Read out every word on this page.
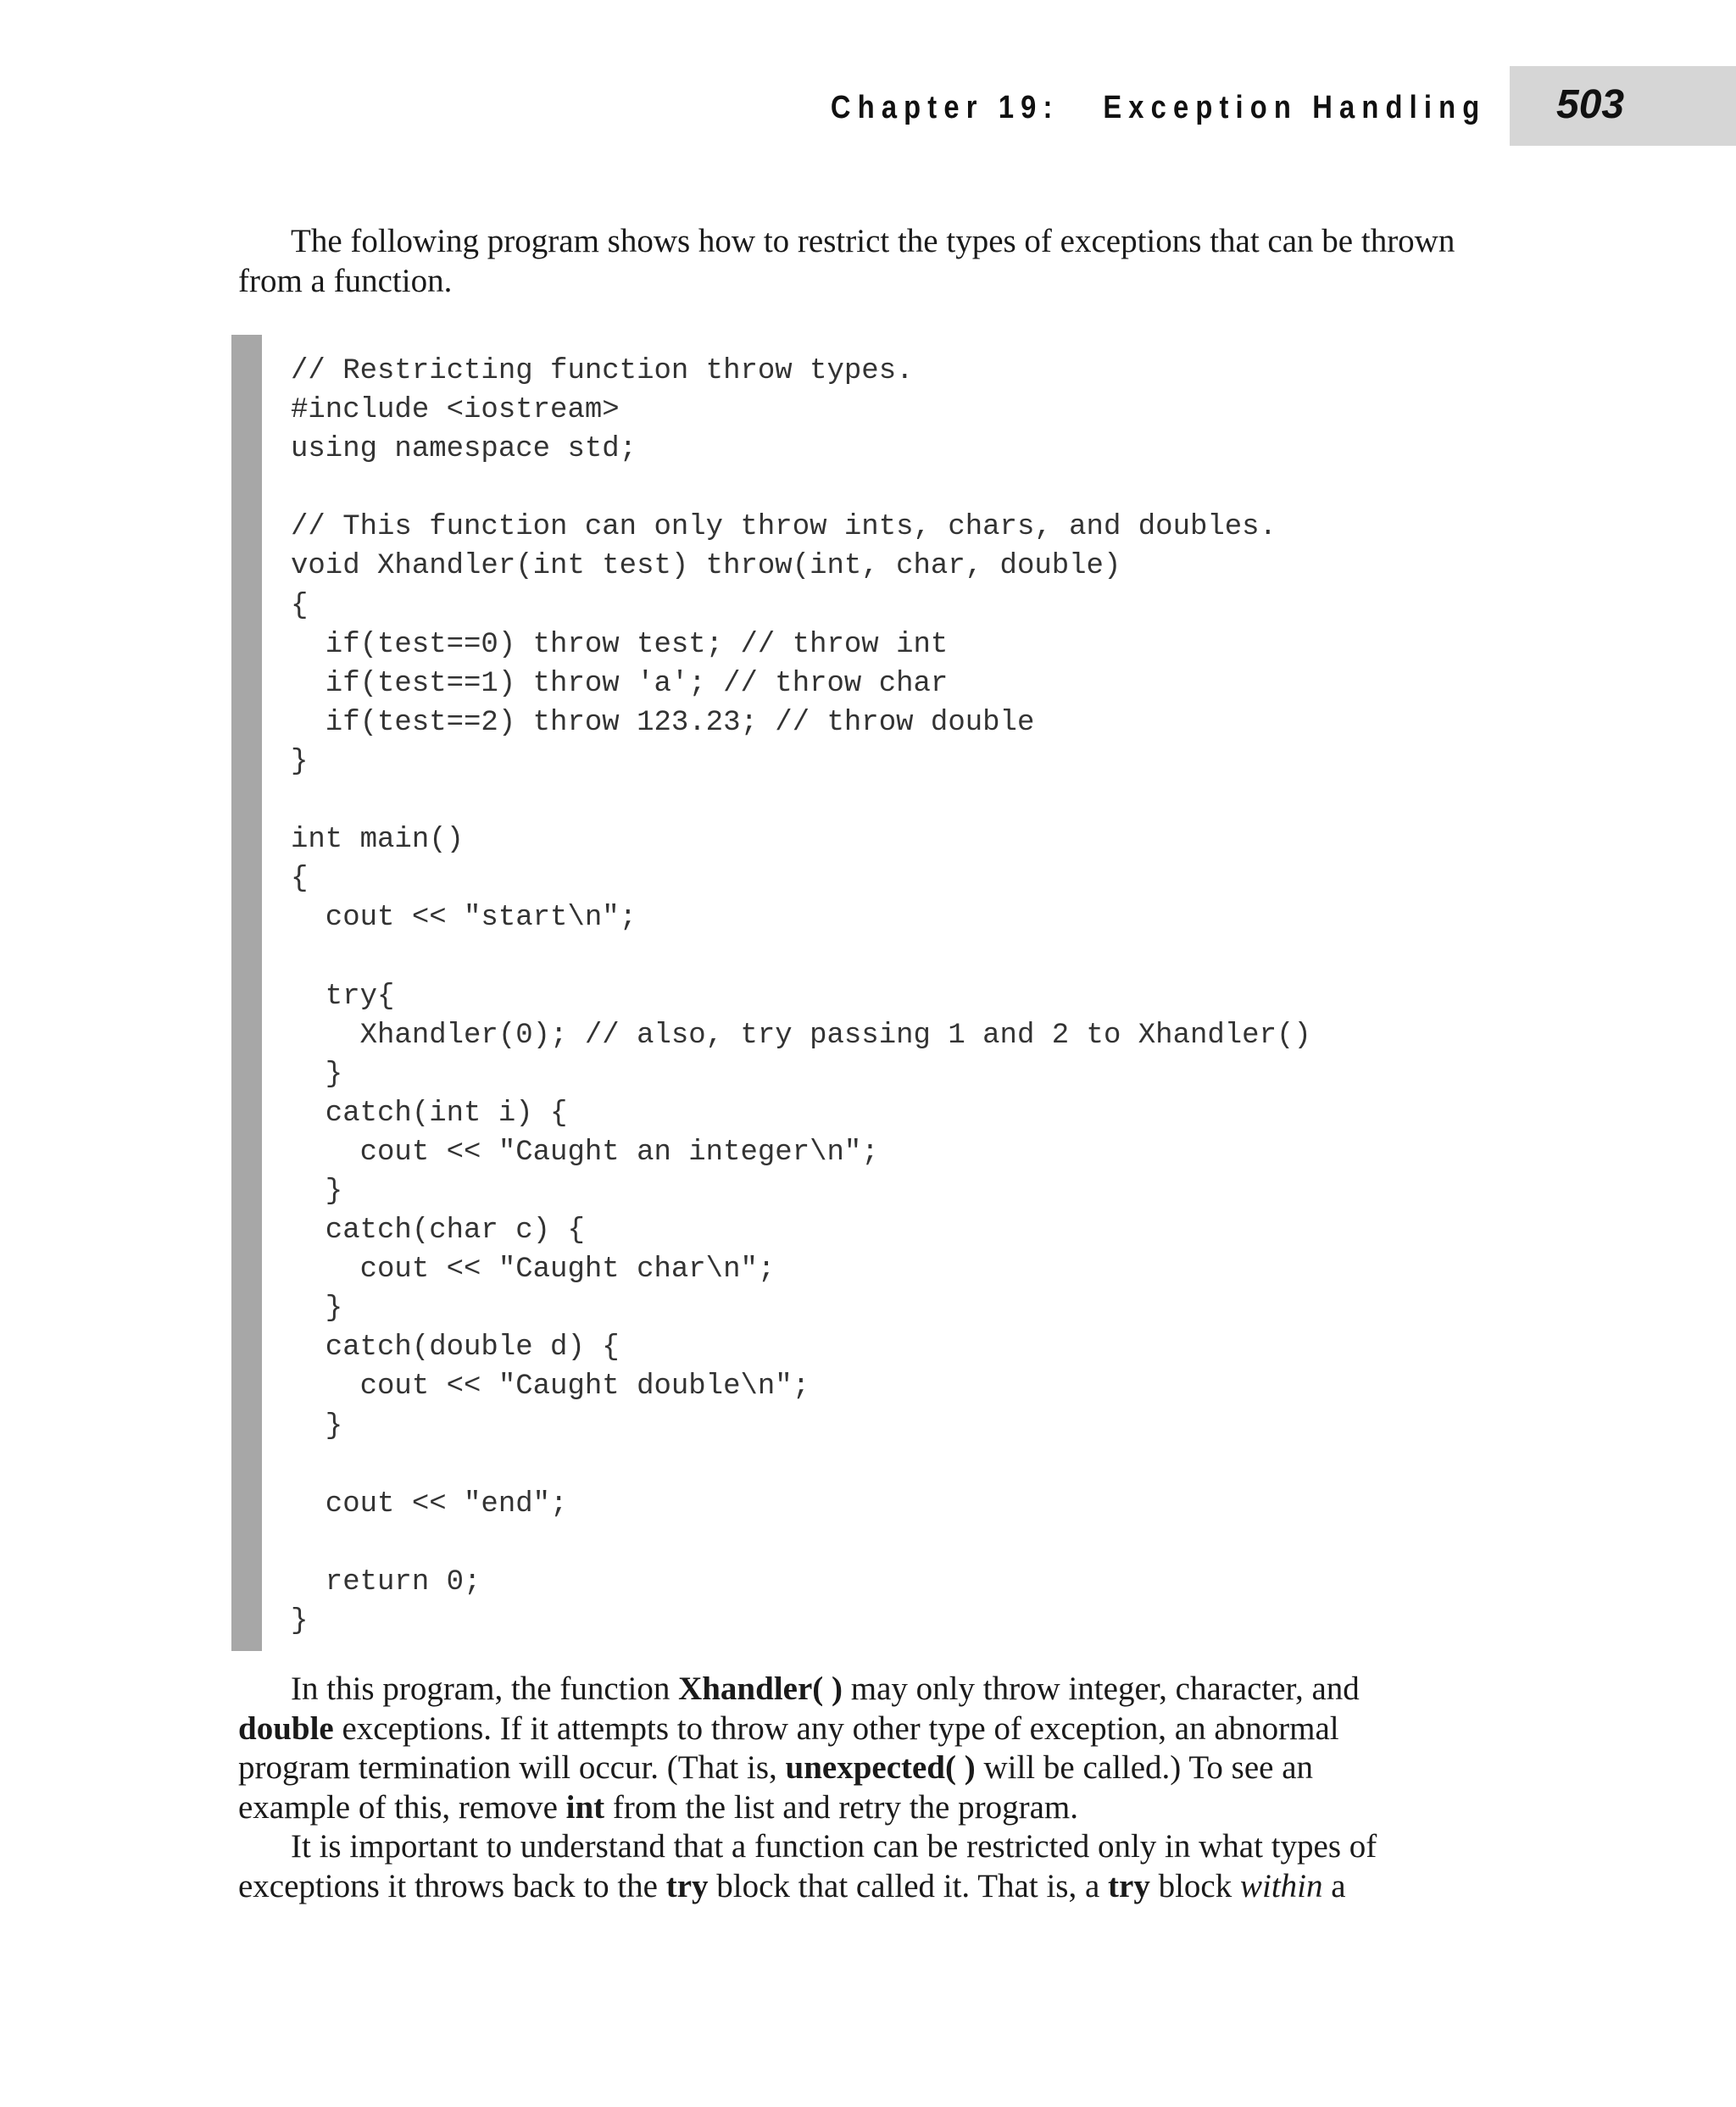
Chapter 19:   Exception Handling 503

The following program shows how to restrict the types of exceptions that can be thrown from a function.

// Restricting function throw types.
#include <iostream>
using namespace std;
// This function can only throw ints, chars, and doubles.
void Xhandler(int test) throw(int, char, double)
{
if(test==0) throw test; // throw int
if(test==1) throw 'a'; // throw char
if(test==2) throw 123.23; // throw double
}
int main()
{
cout << "start\n";
try{
Xhandler(0); // also, try passing 1 and 2 to Xhandler()
}
catch(int i) {
cout << "Caught an integer\n";
}
catch(char c) {
cout << "Caught char\n";
}
catch(double d) {
cout << "Caught double\n";
}
cout << "end";
return 0;
}

In this program, the function Xhandler( ) may only throw integer, character, and
double exceptions. If it attempts to throw any other type of exception, an abnormal
program termination will occur. (That is, unexpected( ) will be called.) To see an
example of this, remove int from the list and retry the program.

It is important to understand that a function can be restricted only in what types of
exceptions it throws back to the try block that called it. That is, a try block within a
